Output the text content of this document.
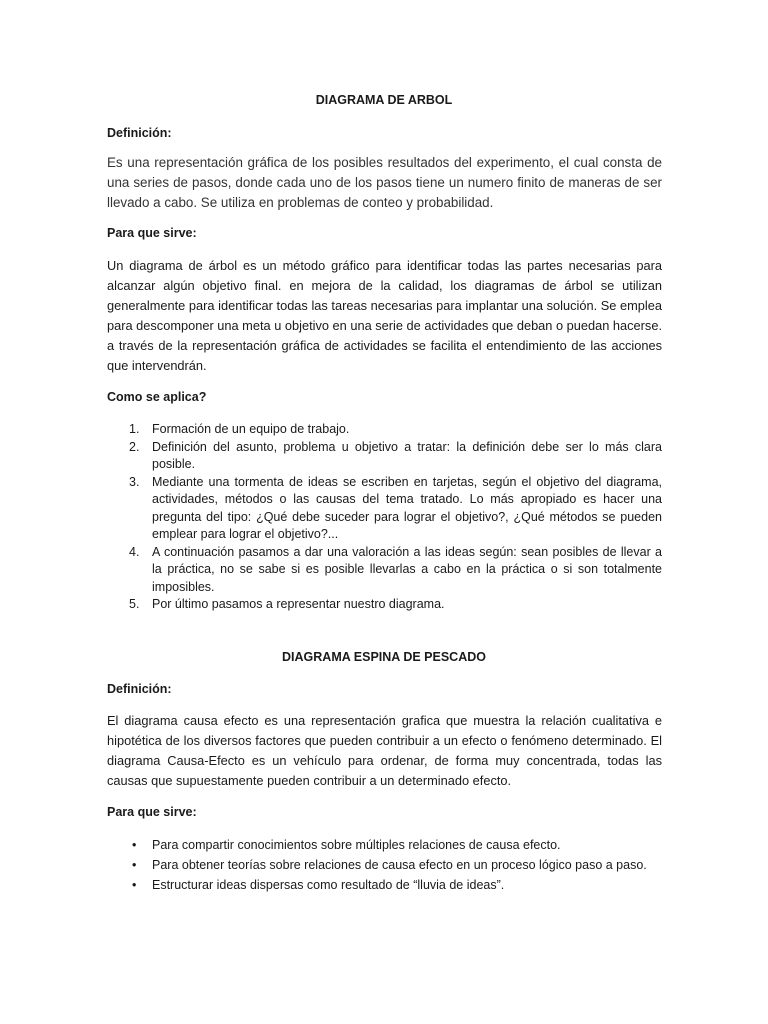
DIAGRAMA DE ARBOL
Definición:
Es una representación gráfica de los posibles resultados del experimento, el cual consta de una series de pasos, donde cada uno de los pasos tiene un numero finito de maneras de ser llevado a cabo. Se utiliza en problemas de conteo y probabilidad.
Para que sirve:
Un diagrama de árbol es un método gráfico para identificar todas las partes necesarias para alcanzar algún objetivo final. en mejora de la calidad, los diagramas de árbol se utilizan generalmente para identificar todas las tareas necesarias para implantar una solución. Se emplea para descomponer una meta u objetivo en una serie de actividades que deban o puedan hacerse. a través de la representación gráfica de actividades se facilita el entendimiento de las acciones que intervendrán.
Como se aplica?
1. Formación de un equipo de trabajo.
2. Definición del asunto, problema u objetivo a tratar: la definición debe ser lo más clara posible.
3. Mediante una tormenta de ideas se escriben en tarjetas, según el objetivo del diagrama, actividades, métodos o las causas del tema tratado. Lo más apropiado es hacer una pregunta del tipo: ¿Qué debe suceder para lograr el objetivo?, ¿Qué métodos se pueden emplear para lograr el objetivo?...
4. A continuación pasamos a dar una valoración a las ideas según: sean posibles de llevar a la práctica, no se sabe si es posible llevarlas a cabo en la práctica o si son totalmente imposibles.
5. Por último pasamos a representar nuestro diagrama.
DIAGRAMA ESPINA DE PESCADO
Definición:
El diagrama causa efecto es una representación grafica que muestra la relación cualitativa e hipotética de los diversos factores que pueden contribuir a un efecto o fenómeno determinado. El diagrama Causa-Efecto es un vehículo para ordenar, de forma muy concentrada, todas las causas que supuestamente pueden contribuir a un determinado efecto.
Para que sirve:
• Para compartir conocimientos sobre múltiples relaciones de causa efecto.
• Para obtener teorías sobre relaciones de causa efecto en un proceso lógico paso a paso.
• Estructurar ideas dispersas como resultado de “lluvia de ideas”.
